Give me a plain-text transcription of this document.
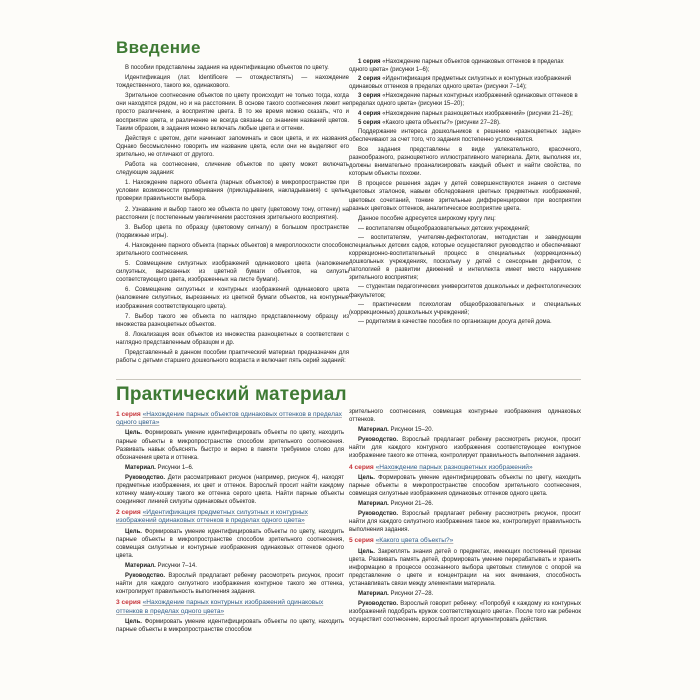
Введение

В пособии представлены задания на идентификацию объектов по цвету.

Идентификация (лат. Identificere — отождествлять) — нахождение тождественного, такого же, одинакового.

Зрительное соотнесение объектов по цвету происходит не только тогда, когда они находятся рядом, но и на расстоянии. В основе такого соотнесения лежит не просто различение, а восприятие цвета. В то же время можно сказать, что и восприятие цвета, и различение не всегда связаны со знанием названий цветов. Таким образом, в задания можно включать любые цвета и оттенки.

Действуя с цветом, дети начинают запоминать и свои цвета, и их названия. Однако бессмысленно говорить им название цвета, если они не выделяют его зрительно, не отличают от другого.

Работа на соотнесение, сличение объектов по цвету может включать следующие задания:

1. Нахождение парного объекта (парных объектов) в микропространстве при условии возможности примеривания (прикладывания, накладывания) с целью проверки правильности выбора.

2. Узнавание и выбор такого же объекта по цвету (цветовому тону, оттенку) на расстоянии (с постепенным увеличением расстояния зрительного восприятия).

3. Выбор цвета по образцу (цветовому сигналу) в большом пространстве (подвижные игры).

4. Нахождение парного объекта (парных объектов) в микроплоскости способом зрительного соотнесения.

5. Совмещение силуэтных изображений одинакового цвета (наложение силуэтных, вырезанных из цветной бумаги объектов, на силуэты соответствующего цвета, изображенных на листе бумаги).

6. Совмещение силуэтных и контурных изображений одинакового цвета (наложение силуэтных, вырезанных из цветной бумаги объектов, на контурные изображения соответствующего цвета).

7. Выбор такого же объекта по наглядно представленному образцу из множества разноцветных объектов.

8. Локализация всех объектов из множества разноцветных в соответствии с наглядно представленным образцом и др.

Представленный в данном пособии практический материал предназначен для работы с детьми старшего дошкольного возраста и включает пять серий заданий:

1 серия «Нахождение парных объектов одинаковых оттенков в пределах одного цвета» (рисунки 1–6);
2 серия «Идентификация предметных силуэтных и контурных изображений одинаковых оттенков в пределах одного цвета» (рисунки 7–14);
3 серия «Нахождение парных контурных изображений одинаковых оттенков в пределах одного цвета» (рисунки 15–20);
4 серия «Нахождение парных разноцветных изображений» (рисунки 21–26);
5 серия «Какого цвета объекты?» (рисунки 27–28).

Поддержание интереса дошкольников к решению «разноцветных задач» обеспечивают за счет того, что задания постепенно усложняются.

Все задания представлены в виде увлекательного, красочного, разнообразного, разноцветного иллюстративного материала. Дети, выполняя их, должны внимательно проанализировать каждый объект и найти свойства, по которым объекты похожи.

В процессе решения задач у детей совершенствуются знания о системе цветовых эталонов, навыки обследования цветных предметных изображений, цветовых сочетаний, тонкие зрительные дифференцировки при восприятии разных цветовых оттенков, аналитическое восприятие цвета.

Данное пособие адресуется широкому кругу лиц:

— воспитателям общеобразовательных детских учреждений;
— воспитателям, учителям-дефектологам, методистам и заведующим специальных детских садов, которые осуществляют руководство и обеспечивают коррекционно-воспитательный процесс в специальных (коррекционных) дошкольных учреждениях, поскольку у детей с сенсорным дефектом, с патологией в развитии движений и интеллекта имеет место нарушение зрительного восприятия;
— студентам педагогических университетов дошкольных и дефектологических факультетов;
— практическим психологам общеобразовательных и специальных (коррекционных) дошкольных учреждений;
— родителям в качестве пособия по организации досуга детей дома.
Практический материал
1 серия «Нахождение парных объектов одинаковых оттенков в пределах одного цвета»

Цель. Формировать умение идентифицировать объекты по цвету, находить парные объекты в микропространстве способом зрительного соотнесения. Развивать навык объяснять быстро и верно в памяти требуемое слово для обозначения цвета и оттенка.

Материал. Рисунки 1–6.

Руководство. Дети рассматривают рисунок (например, рисунок 4), находят предметные изображения, их цвет и оттенок. Взрослый просит найти каждому котенку маму-кошку такого же оттенка серого цвета. Найти парные объекты соединяют линией силуэты одинаковых объектов.

2 серия «Идентификация предметных силуэтных и контурных изображений одинаковых оттенков в пределах одного цвета»

Цель. Формировать умение идентифицировать объекты по цвету, находить парные объекты в микропространстве способом зрительного соотнесения, совмещая силуэтные и контурные изображения одинаковых оттенков одного цвета.

Материал. Рисунки 7–14.

Руководство. Взрослый предлагает ребенку рассмотреть рисунок, просит найти для каждого силуэтного изображения контурное такого же оттенка, контролирует правильность выполнения задания.

3 серия «Нахождение парных контурных изображений одинаковых оттенков в пределах одного цвета»

Цель. Формировать умение идентифицировать объекты по цвету, находить парные объекты в микропространстве способом

зрительного соотнесения, совмещая контурные изображения одинаковых оттенков.

Материал. Рисунки 15–20.

Руководство. Взрослый предлагает ребенку рассмотреть рисунок, просит найти для каждого контурного изображения соответствующее контурное изображение такого же оттенка, контролирует правильность выполнения задания.

4 серия «Нахождение парных разноцветных изображений»

Цель. Формировать умение идентифицировать объекты по цвету, находить парные объекты в микропространстве способом зрительного соотнесения, совмещая силуэтные изображения одинаковых оттенков одного цвета.

Материал. Рисунки 21–26.

Руководство. Взрослый предлагает ребенку рассмотреть рисунок, просит найти для каждого силуэтного изображения такое же, контролирует правильность выполнения задания.

5 серия «Какого цвета объекты?»

Цель. Закреплять знания детей о предметах, имеющих постоянный признак цвета. Развивать память детей, формировать умение перерабатывать и хранить информацию в процессе осознанного выбора цветовых стимулов с опорой на представление о цвете и концентрации на них внимания, способность устанавливать связи между элементами материала.

Материал. Рисунки 27–28.

Руководство. Взрослый говорит ребенку: «Попробуй к каждому из контурных изображений подобрать кружок соответствующего цвета». После того как ребенок осуществит соотнесение, взрослый просит аргументировать действия.
